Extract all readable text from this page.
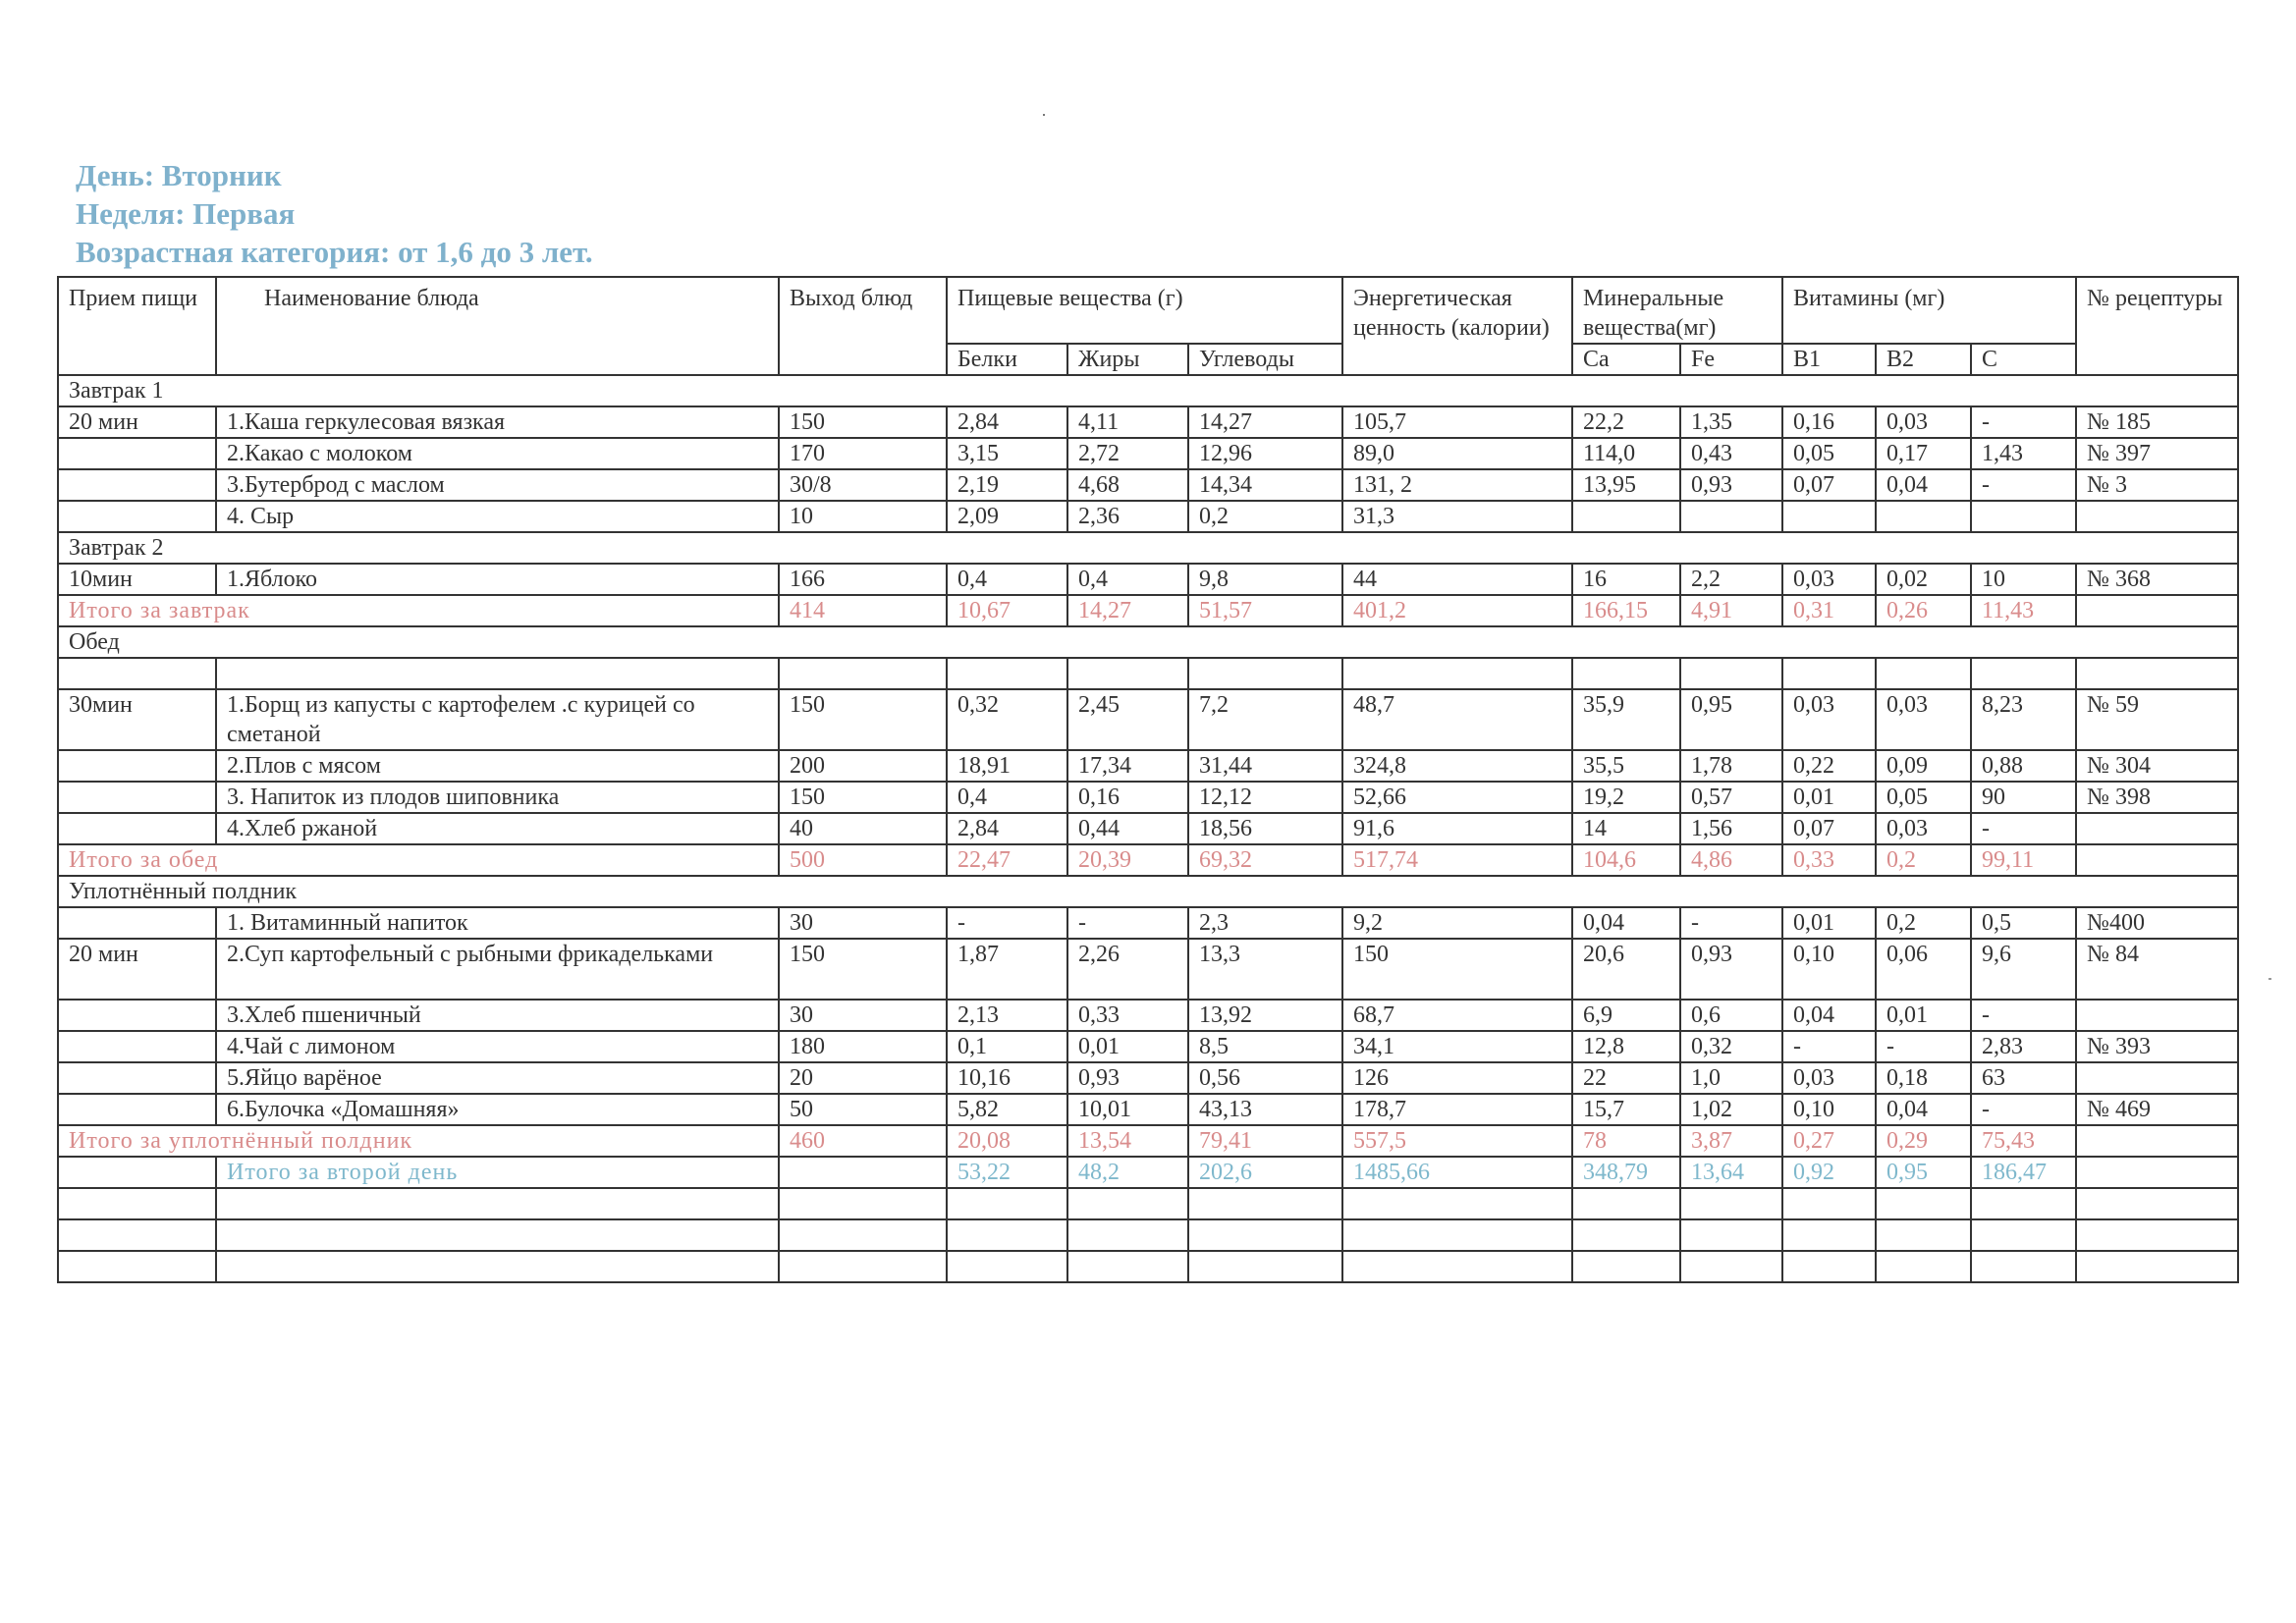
День: Вторник
Неделя: Первая
Возрастная категория: от 1,6 до 3 лет.
Прием пищи	Наименование блюда	Выход блюд	Пищевые вещества (г)			Энергетическая ценность (калории)	Минеральные вещества(мг)		Витамины (мг)			№ рецептуры
			Белки	Жиры	Углеводы		Ca	Fe	B1	B2	C	
Завтрак 1												
20 мин	1.Каша геркулесовая вязкая	150	2,84	4,11	14,27	105,7	22,2	1,35	0,16	0,03	-	№ 185
	2.Какао с молоком	170	3,15	2,72	12,96	89,0	114,0	0,43	0,05	0,17	1,43	№ 397
	3.Бутерброд с маслом	30/8	2,19	4,68	14,34	131, 2	13,95	0,93	0,07	0,04	-	№ 3
	4. Сыр	10	2,09	2,36	0,2	31,3						
Завтрак 2												
10мин	1.Яблоко	166	0,4	0,4	9,8	44	16	2,2	0,03	0,02	10	№ 368
Итого за завтрак		414	10,67	14,27	51,57	401,2	166,15	4,91	0,31	0,26	11,43	
Обед												

30мин	1.Борщ из капусты с картофелем .с курицей со сметаной	150	0,32	2,45	7,2	48,7	35,9	0,95	0,03	0,03	8,23	№ 59
	2.Плов с мясом	200	18,91	17,34	31,44	324,8	35,5	1,78	0,22	0,09	0,88	№ 304
	3. Напиток из плодов шиповника	150	0,4	0,16	12,12	52,66	19,2	0,57	0,01	0,05	90	№ 398
	4.Хлеб ржаной	40	2,84	0,44	18,56	91,6	14	1,56	0,07	0,03	-	
Итого за обед		500	22,47	20,39	69,32	517,74	104,6	4,86	0,33	0,2	99,11	
Уплотнённый полдник												
	1. Витаминный напиток	30	-	-	2,3	9,2	0,04	-	0,01	0,2	0,5	№400
20 мин	2.Суп картофельный с рыбными фрикадельками	150	1,87	2,26	13,3	150	20,6	0,93	0,10	0,06	9,6	№ 84
	3.Хлеб пшеничный	30	2,13	0,33	13,92	68,7	6,9	0,6	0,04	0,01	-	
	4.Чай с лимоном	180	0,1	0,01	8,5	34,1	12,8	0,32	-	-	2,83	№ 393
	5.Яйцо варёное	20	10,16	0,93	0,56	126	22	1,0	0,03	0,18	63	
	6.Булочка «Домашняя»	50	5,82	10,01	43,13	178,7	15,7	1,02	0,10	0,04	-	№ 469
Итого за уплотнённый полдник		460	20,08	13,54	79,41	557,5	78	3,87	0,27	0,29	75,43	
	Итого за второй день		53,22	48,2	202,6	1485,66	348,79	13,64	0,92	0,95	186,47	
